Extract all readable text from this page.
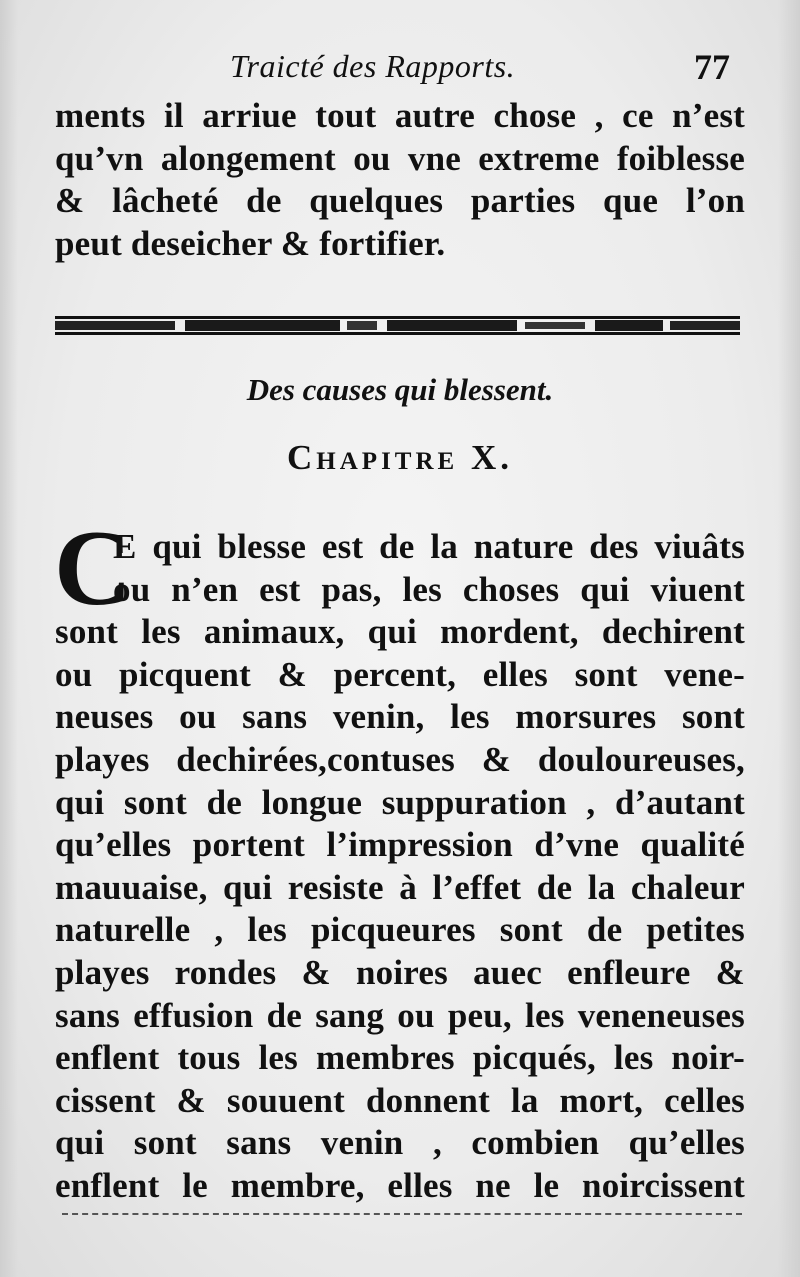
Traicté des Rapports.	77
ments il arriue tout autre chose , ce n’est
qu’vn alongement ou vne extreme foiblesse
& lâcheté de quelques parties que l’on
peut deseicher & fortifier.
Des causes qui blessent.
Chapitre X.
C
E qui blesse est de la nature des viuâts
ou n’en est pas, les choses qui viuent
sont les animaux, qui mordent, dechirent
ou picquent & percent, elles sont vene-
neuses ou sans venin, les morsures sont
playes dechirées,contuses & douloureuses,
qui sont de longue suppuration , d’autant
qu’elles portent l’impression d’vne qualité
mauuaise, qui resiste à l’effet de la chaleur
naturelle , les picqueures sont de petites
playes rondes & noires auec enfleure &
sans effusion de sang ou peu, les veneneuses
enflent tous les membres picqués, les noir-
cissent & souuent donnent la mort, celles
qui sont sans venin , combien qu’elles
enflent le membre, elles ne le noircissent
